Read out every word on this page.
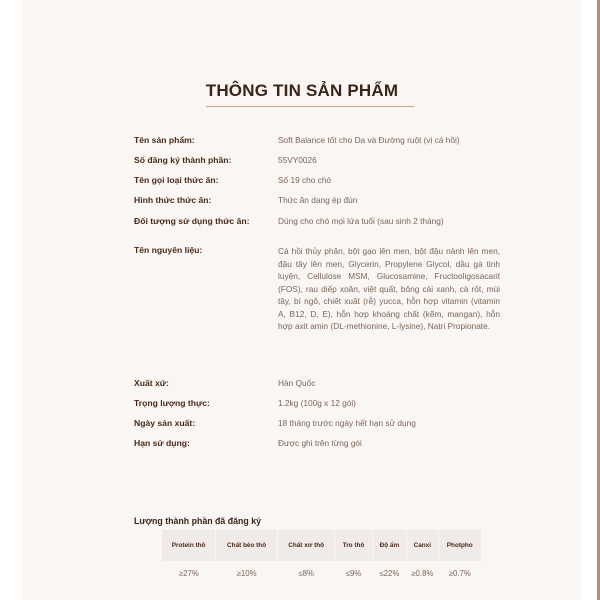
THÔNG TIN SẢN PHẨM
Tên sản phẩm:	Soft Balance tốt cho Da và Đường ruột (vị cá hồi)
Số đăng ký thành phần:	55VY0026
Tên gọi loại thức ăn:	Số 19 cho chó
Hình thức thức ăn:	Thức ăn dạng ép đùn
Đối tượng sử dụng thức ăn:	Dùng cho chó mọi lứa tuổi (sau sinh 2 tháng)
Tên nguyên liệu:	Cá hồi thủy phân, bột gạo lên men, bột đậu nành lên men, đậu tây lên men, Glycerin, Propylene Glycol, dầu gà tinh luyện, Cellulose MSM, Glucosamine, Fructooligosacarit (FOS), rau diếp xoăn, việt quất, bông cải xanh, cà rốt, mùi tây, bí ngô, chiết xuất (rễ) yucca, hỗn hợp vitamin (vitamin A, B12, D, E), hỗn hợp khoáng chất (kẽm, mangan), hỗn hợp axit amin (DL-methionine, L-lysine), Natri Propionate.
Xuất xứ:	Hàn Quốc
Trọng lượng thực:	1.2kg (100g x 12 gói)
Ngày sản xuất:	18 tháng trước ngày hết hạn sử dụng
Hạn sử dụng:	Được ghi trên từng gói
Lượng thành phần đã đăng ký
Protein thô	Chất béo thô	Chất xơ thô	Tro thô	Độ ẩm	Canxi	Photpho
≥27%	≥10%	≤8%	≤9%	≤22%	≥0.8%	≥0.7%
